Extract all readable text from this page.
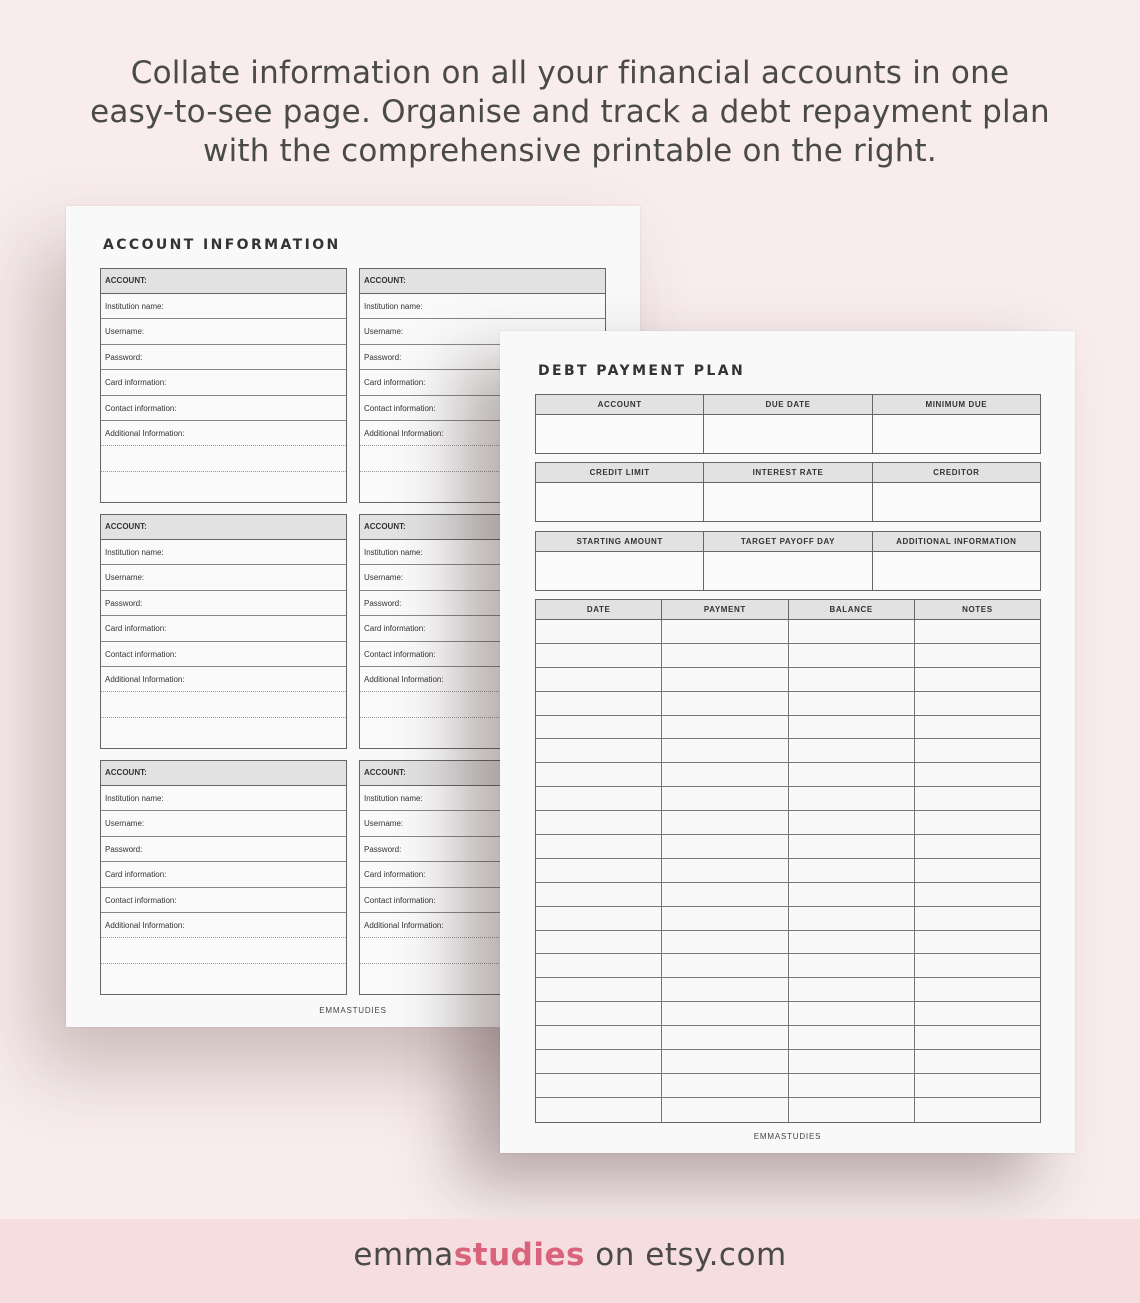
Collate information on all your financial accounts in one
easy-to-see page. Organise and track a debt repayment plan
with the comprehensive printable on the right.
ACCOUNT INFORMATION
ACCOUNT:
Institution name:
Username:
Password:
Card information:
Contact information:
Additional Information:
ACCOUNT:
Institution name:
Username:
Password:
Card information:
Contact information:
Additional Information:
ACCOUNT:
Institution name:
Username:
Password:
Card information:
Contact information:
Additional Information:
ACCOUNT:
Institution name:
Username:
Password:
Card information:
Contact information:
Additional Information:
ACCOUNT:
Institution name:
Username:
Password:
Card information:
Contact information:
Additional Information:
ACCOUNT:
Institution name:
Username:
Password:
Card information:
Contact information:
Additional Information:
EMMASTUDIES
DEBT PAYMENT PLAN
ACCOUNT	DUE DATE	MINIMUM DUE
CREDIT LIMIT	INTEREST RATE	CREDITOR
STARTING AMOUNT	TARGET PAYOFF DAY	ADDITIONAL INFORMATION
DATE	PAYMENT	BALANCE	NOTES
EMMASTUDIES
emmastudies on etsy.com
